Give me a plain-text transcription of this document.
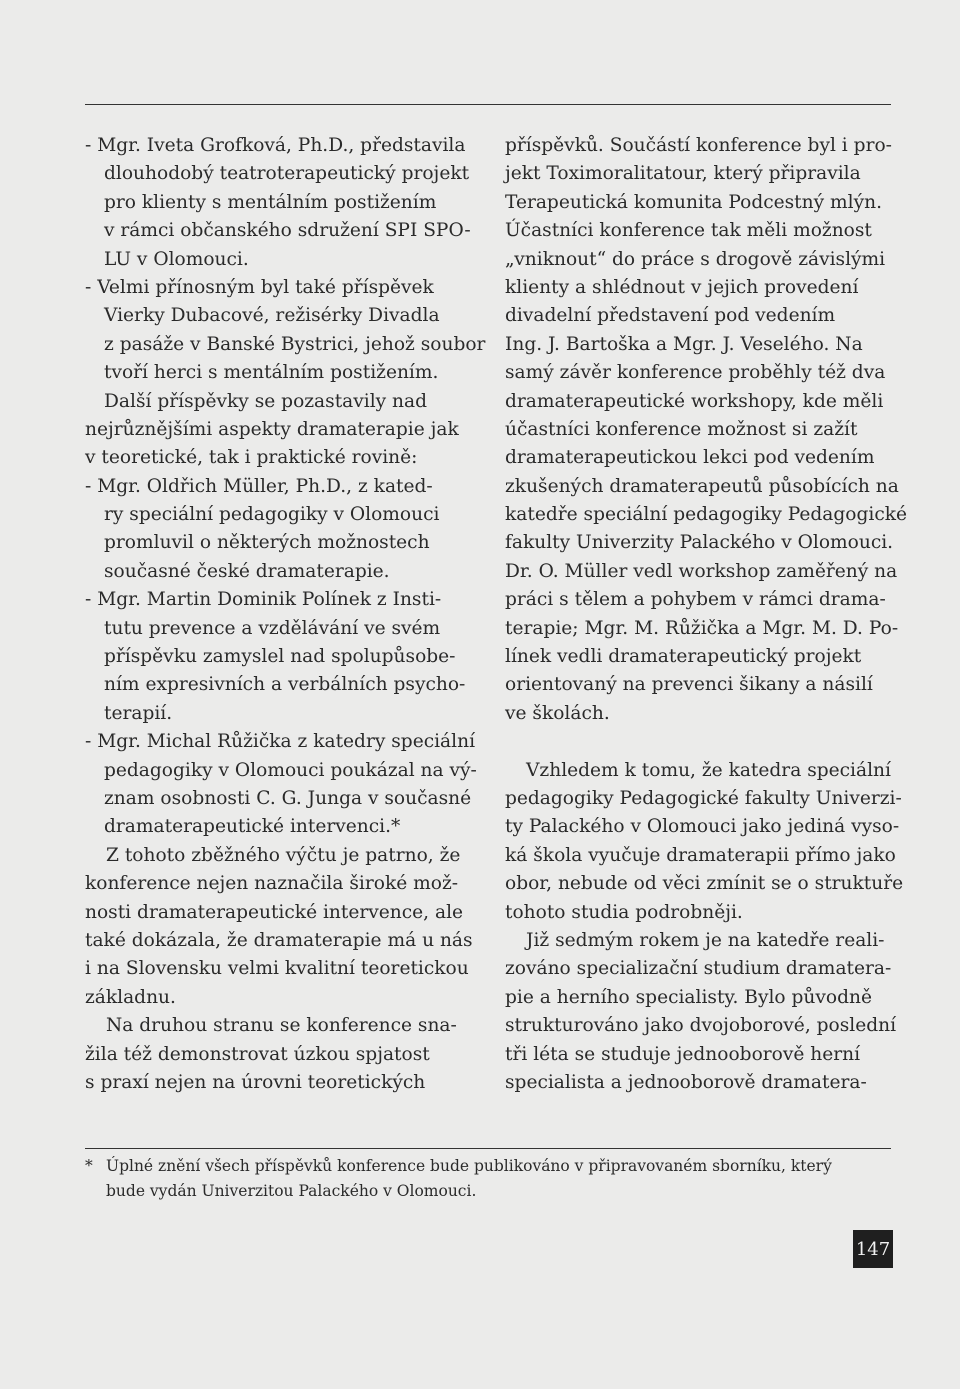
- Mgr. Iveta Grofková, Ph.D., představila
dlouhodobý teatroterapeutický projekt
pro klienty s mentálním postižením
v rámci občanského sdružení SPI SPO-
LU v Olomouci.
- Velmi přínosným byl také příspěvek
Vierky Dubacové, režisérky Divadla
z pasáže v Banské Bystrici, jehož soubor
tvoří herci s mentálním postižením.
Další příspěvky se pozastavily nad
nejrůznějšími aspekty dramaterapie jak
v teoretické, tak i praktické rovině:
- Mgr. Oldřich Müller, Ph.D., z kated-
ry speciální pedagogiky v Olomouci
promluvil o některých možnostech
současné české dramaterapie.
- Mgr. Martin Dominik Polínek z Insti-
tutu prevence a vzdělávání ve svém
příspěvku zamyslel nad spolupůsobe-
ním expresivních a verbálních psycho-
terapií.
- Mgr. Michal Růžička z katedry speciální
pedagogiky v Olomouci poukázal na vý-
znam osobnosti C. G. Junga v současné
dramaterapeutické intervenci.*
Z tohoto zběžného výčtu je patrno, že
konference nejen naznačila široké mož-
nosti dramaterapeutické intervence, ale
také dokázala, že dramaterapie má u nás
i na Slovensku velmi kvalitní teoretickou
základnu.
Na druhou stranu se konference sna-
žila též demonstrovat úzkou spjatost
s praxí nejen na úrovni teoretických
příspěvků. Součástí konference byl i pro-
jekt Toximoralitatour, který připravila
Terapeutická komunita Podcestný mlýn.
Účastníci konference tak měli možnost
„vniknout“ do práce s drogově závislými
klienty a shlédnout v jejich provedení
divadelní představení pod vedením
Ing. J. Bartoška a Mgr. J. Veselého. Na
samý závěr konference proběhly též dva
dramaterapeutické workshopy, kde měli
účastníci konference možnost si zažít
dramaterapeutickou lekci pod vedením
zkušených dramaterapeutů působících na
katedře speciální pedagogiky Pedagogické
fakulty Univerzity Palackého v Olomouci.
Dr. O. Müller vedl workshop zaměřený na
práci s tělem a pohybem v rámci drama-
terapie; Mgr. M. Růžička a Mgr. M. D. Po-
línek vedli dramaterapeutický projekt
orientovaný na prevenci šikany a násilí
ve školách.
Vzhledem k tomu, že katedra speciální
pedagogiky Pedagogické fakulty Univerzi-
ty Palackého v Olomouci jako jediná vyso-
ká škola vyučuje dramaterapii přímo jako
obor, nebude od věci zmínit se o struktuře
tohoto studia podrobněji.
Již sedmým rokem je na katedře reali-
zováno specializační studium dramatera-
pie a herního specialisty. Bylo původně
strukturováno jako dvojoborové, poslední
tři léta se studuje jednooborově herní
specialista a jednooborově dramatera-
* Úplné znění všech příspěvků konference bude publikováno v připravovaném sborníku, který
bude vydán Univerzitou Palackého v Olomouci.
147
